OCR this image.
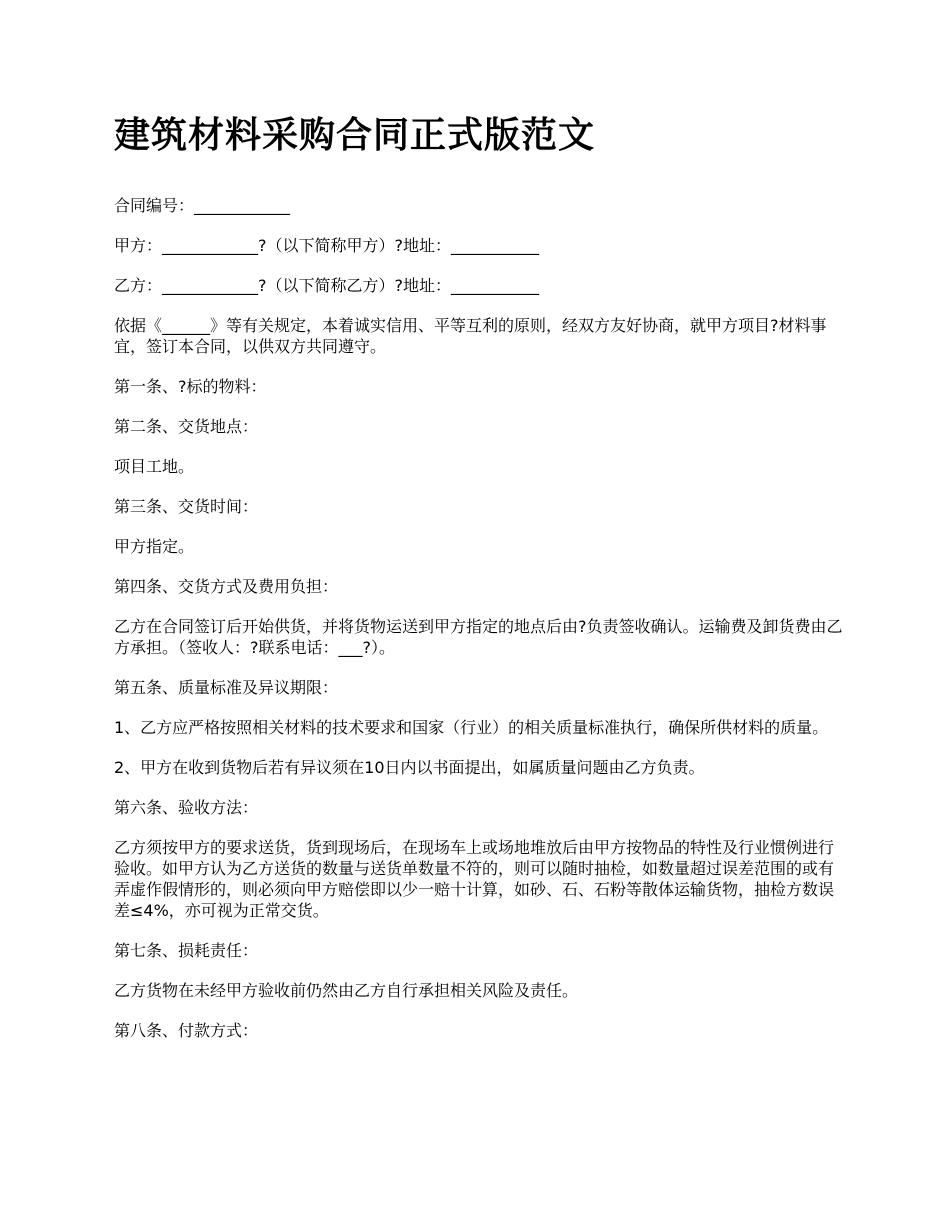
建筑材料采购合同正式版范文

合同编号：____________

甲方：____________?（以下简称甲方）?地址：___________

乙方：____________?（以下简称乙方）?地址：___________

依据《______》等有关规定，本着诚实信用、平等互利的原则，经双方友好协商，就甲方项目?材料事宜，签订本合同，以供双方共同遵守。

第一条、?标的物料：

第二条、交货地点：

项目工地。

第三条、交货时间：

甲方指定。

第四条、交货方式及费用负担：

乙方在合同签订后开始供货，并将货物运送到甲方指定的地点后由?负责签收确认。运输费及卸货费由乙方承担。（签收人：?联系电话：___?）。

第五条、质量标准及异议期限：

1、乙方应严格按照相关材料的技术要求和国家（行业）的相关质量标准执行，确保所供材料的质量。

2、甲方在收到货物后若有异议须在10日内以书面提出，如属质量问题由乙方负责。

第六条、验收方法：

乙方须按甲方的要求送货，货到现场后，在现场车上或场地堆放后由甲方按物品的特性及行业惯例进行验收。如甲方认为乙方送货的数量与送货单数量不符的，则可以随时抽检，如数量超过误差范围的或有弄虚作假情形的，则必须向甲方赔偿即以少一赔十计算，如砂、石、石粉等散体运输货物，抽检方数误差≤4%，亦可视为正常交货。

第七条、损耗责任：

乙方货物在未经甲方验收前仍然由乙方自行承担相关风险及责任。

第八条、付款方式：
